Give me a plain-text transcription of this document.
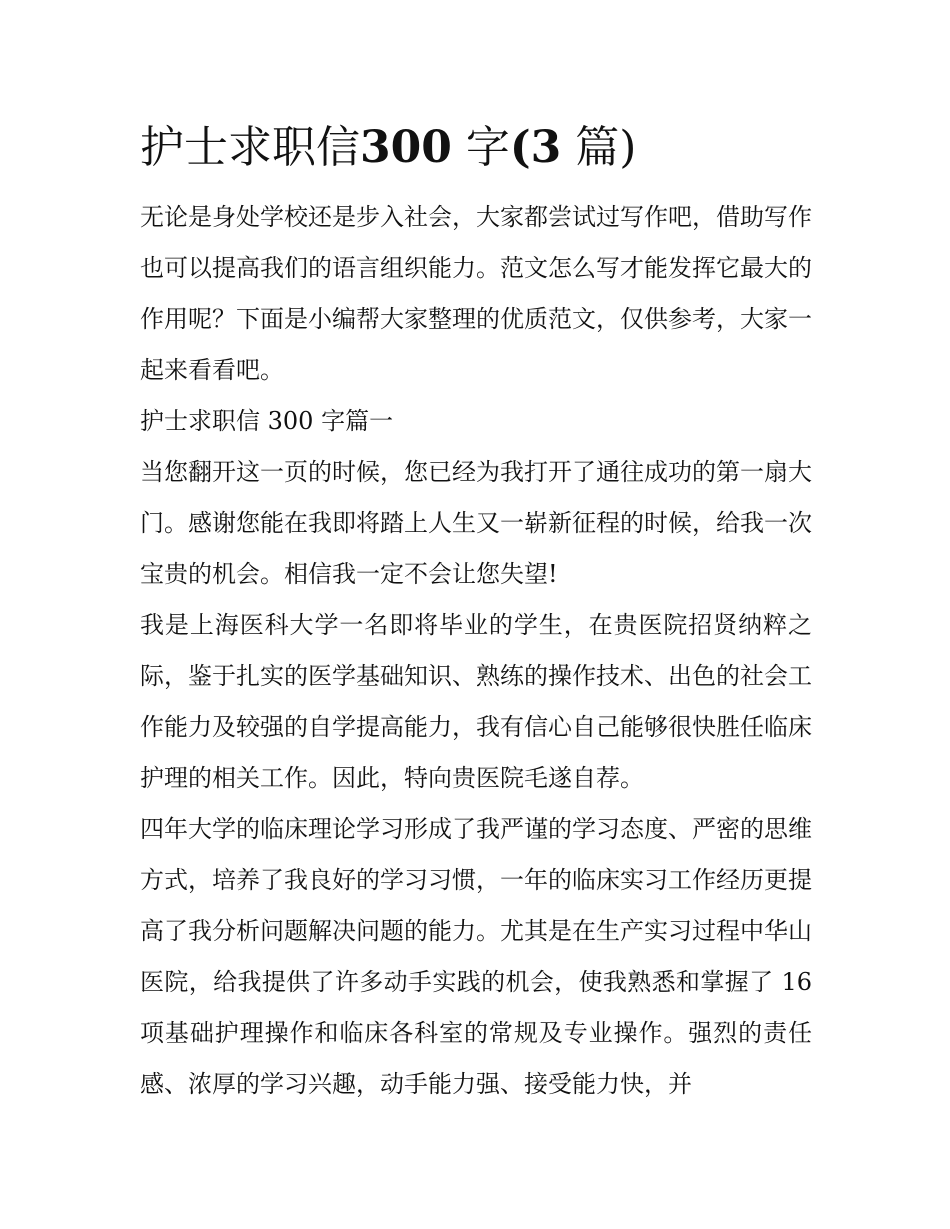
护士求职信300 字(3 篇)

无论是身处学校还是步入社会，大家都尝试过写作吧，借助写作也可以提高我们的语言组织能力。范文怎么写才能发挥它最大的作用呢？下面是小编帮大家整理的优质范文，仅供参考，大家一起来看看吧。

护士求职信 300 字篇一

当您翻开这一页的时候，您已经为我打开了通往成功的第一扇大门。感谢您能在我即将踏上人生又一崭新征程的时候，给我一次宝贵的机会。相信我一定不会让您失望!

我是上海医科大学一名即将毕业的学生，在贵医院招贤纳粹之际，鉴于扎实的医学基础知识、熟练的操作技术、出色的社会工作能力及较强的自学提高能力，我有信心自己能够很快胜任临床护理的相关工作。因此，特向贵医院毛遂自荐。

四年大学的临床理论学习形成了我严谨的学习态度、严密的思维方式，培养了我良好的学习习惯，一年的临床实习工作经历更提高了我分析问题解决问题的能力。尤其是在生产实习过程中华山医院，给我提供了许多动手实践的机会，使我熟悉和掌握了 16 项基础护理操作和临床各科室的常规及专业操作。强烈的责任感、浓厚的学习兴趣，动手能力强、接受能力快，并
